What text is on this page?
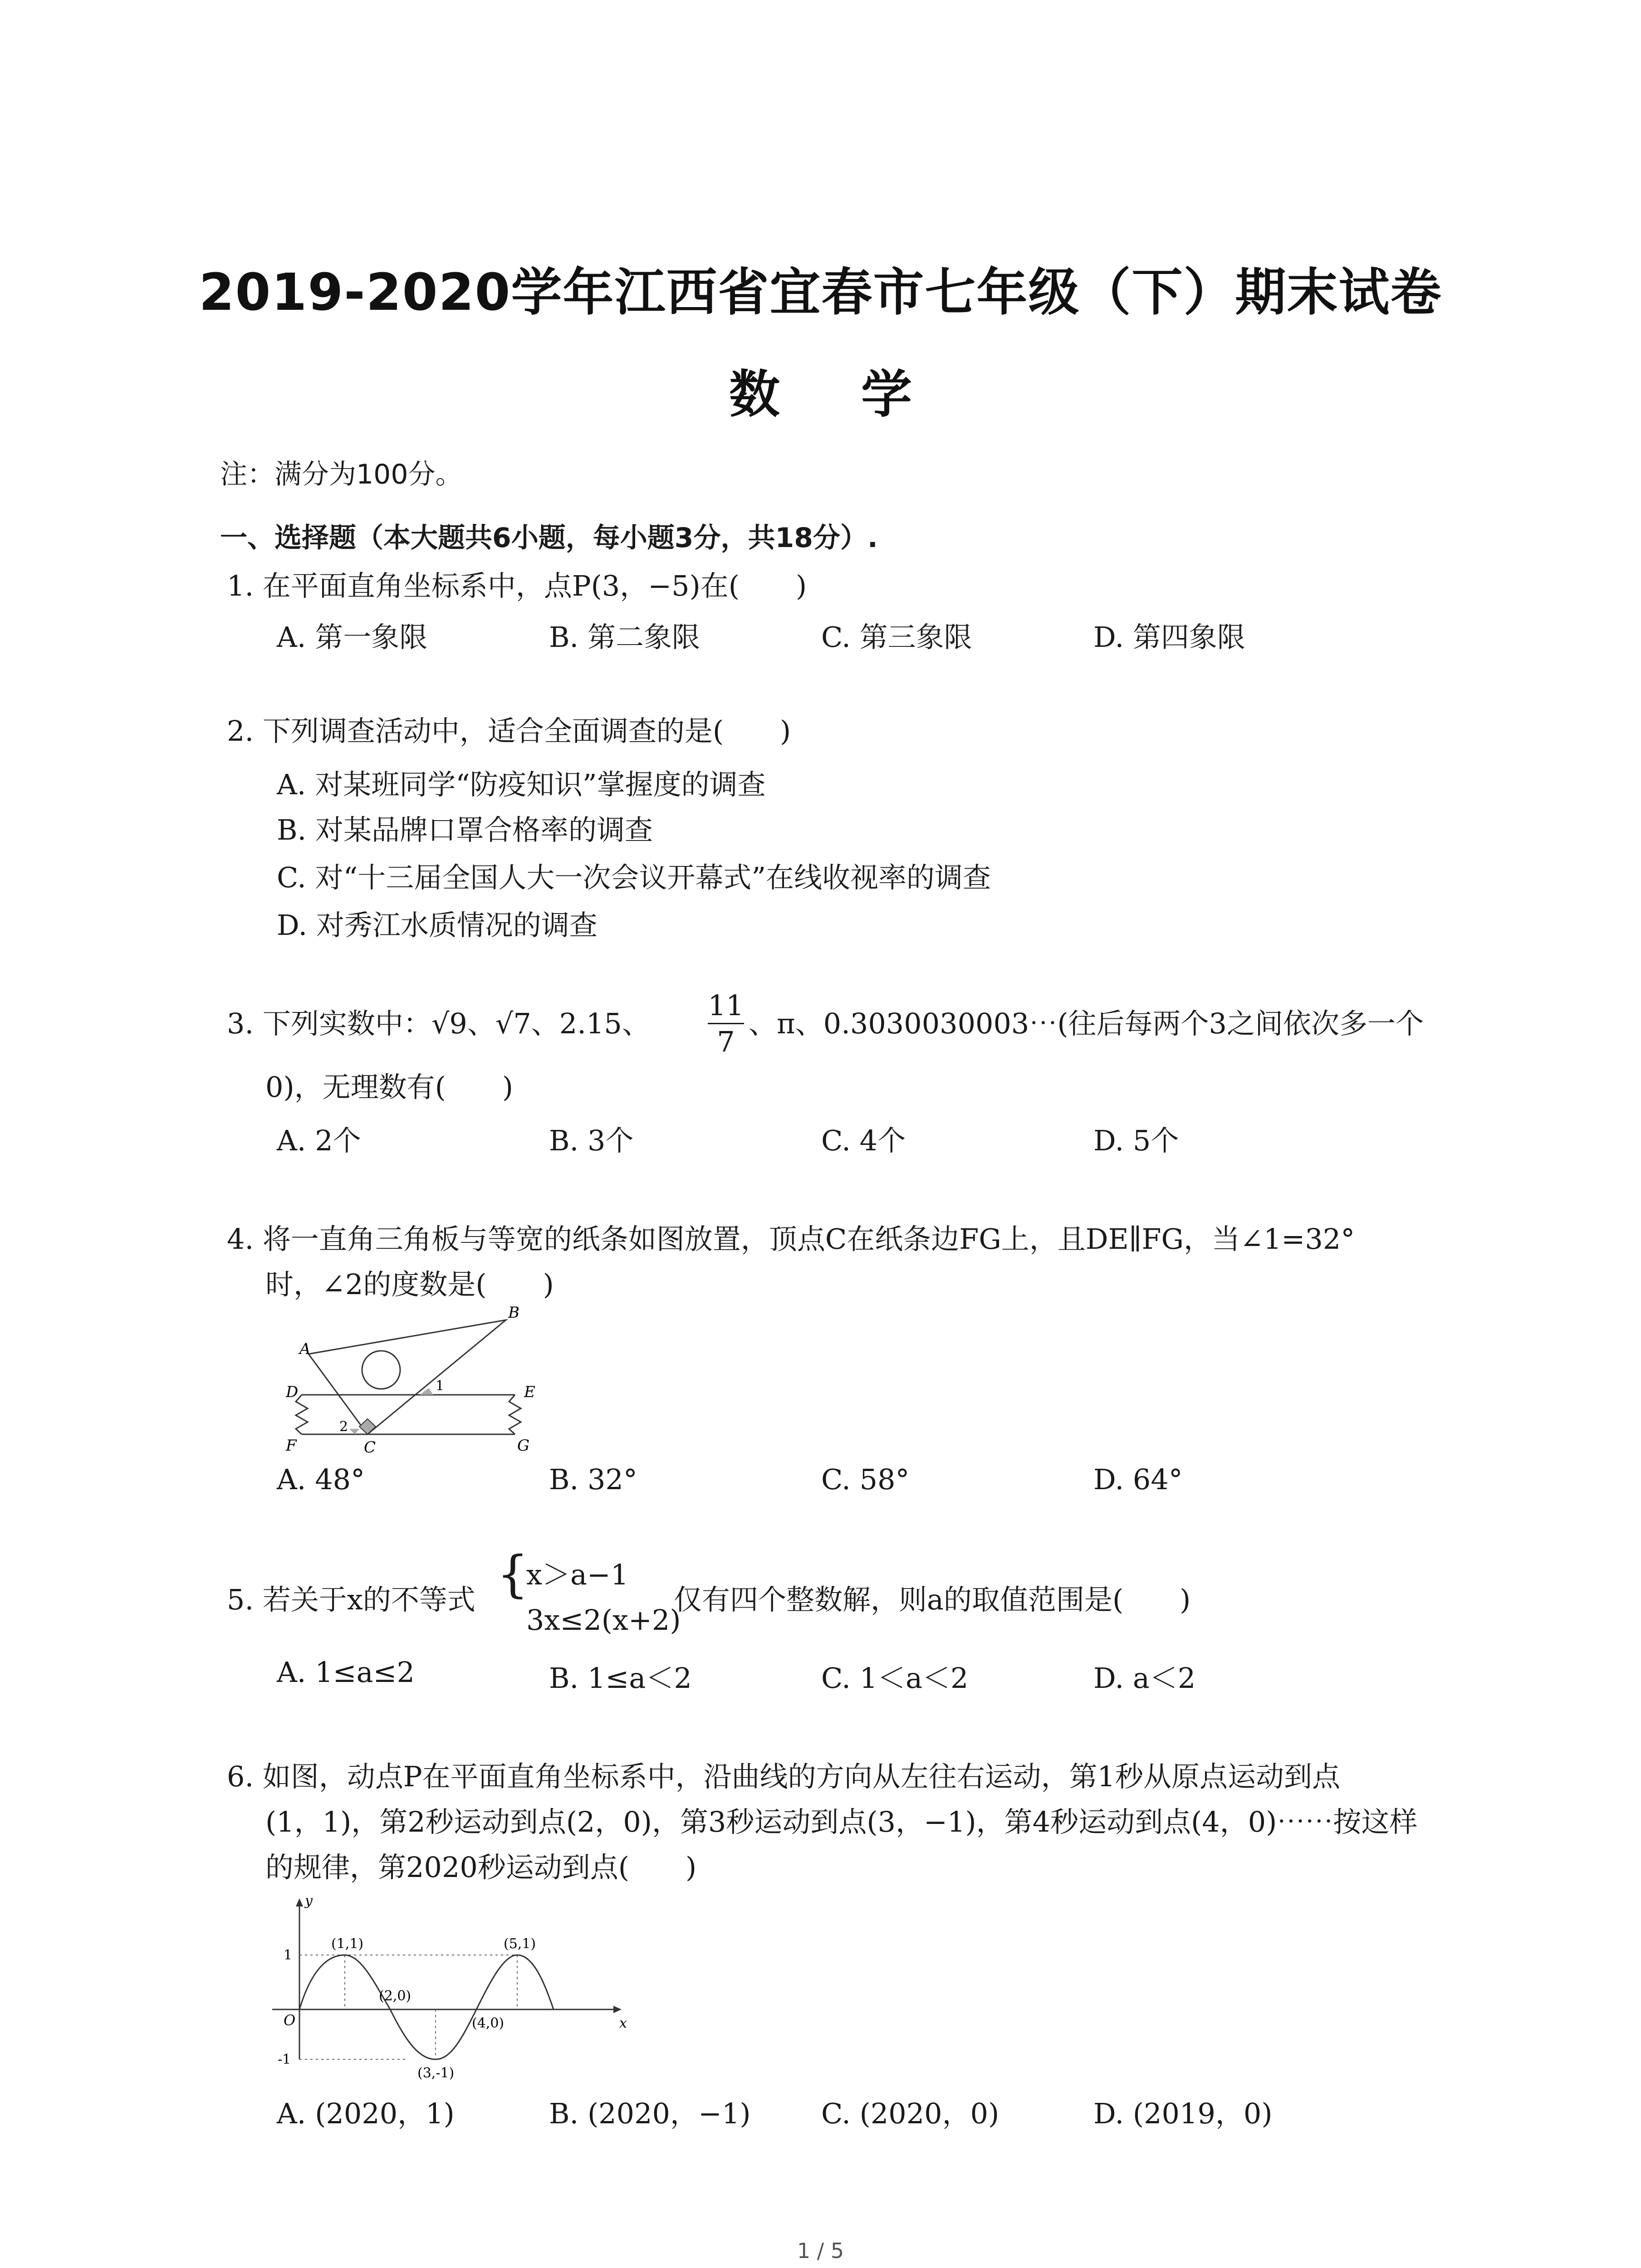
2019-2020学年江西省宜春市七年级（下）期末试卷
数 学
注：满分为100分。
一、选择题（本大题共6小题，每小题3分，共18分）.
1. 在平面直角坐标系中，点P(3，−5)在(　　)
A. 第一象限	B. 第二象限	C. 第三象限	D. 第四象限
2. 下列调查活动中，适合全面调查的是(　　)
A. 对某班同学“防疫知识”掌握度的调查
B. 对某品牌口罩合格率的调查
C. 对“十三届全国人大一次会议开幕式”在线收视率的调查
D. 对秀江水质情况的调查
3. 下列实数中：√9、√7、2.15、
11
7
、π、0.3030030003⋯(往后每两个3之间依次多一个
0)，无理数有(　　)
A. 2个	B. 3个	C. 4个	D. 5个
4. 将一直角三角板与等宽的纸条如图放置，顶点C在纸条边FG上，且DE∥FG，当∠1=32°
时，∠2的度数是(　　)
A
B
C
D	E
F	G
1
2
A. 48°	B. 32°	C. 58°	D. 64°
5. 若关于x的不等式 {
x＞a−1
3x≤2(x+2)
仅有四个整数解，则a的取值范围是(　　)
A. 1≤a≤2	B. 1≤a＜2	C. 1＜a＜2	D. a＜2
6. 如图，动点P在平面直角坐标系中，沿曲线的方向从左往右运动，第1秒从原点运动到点
(1，1)，第2秒运动到点(2，0)，第3秒运动到点(3，−1)，第4秒运动到点(4，0)⋯⋯按这样
的规律，第2020秒运动到点(　　)
y
x
O
1
-1
(1,1)
(2,0)
(3,-1)
(4,0)
(5,1)
A. (2020，1)	B. (2020，−1)	C. (2020，0)	D. (2019，0)
1 / 5
